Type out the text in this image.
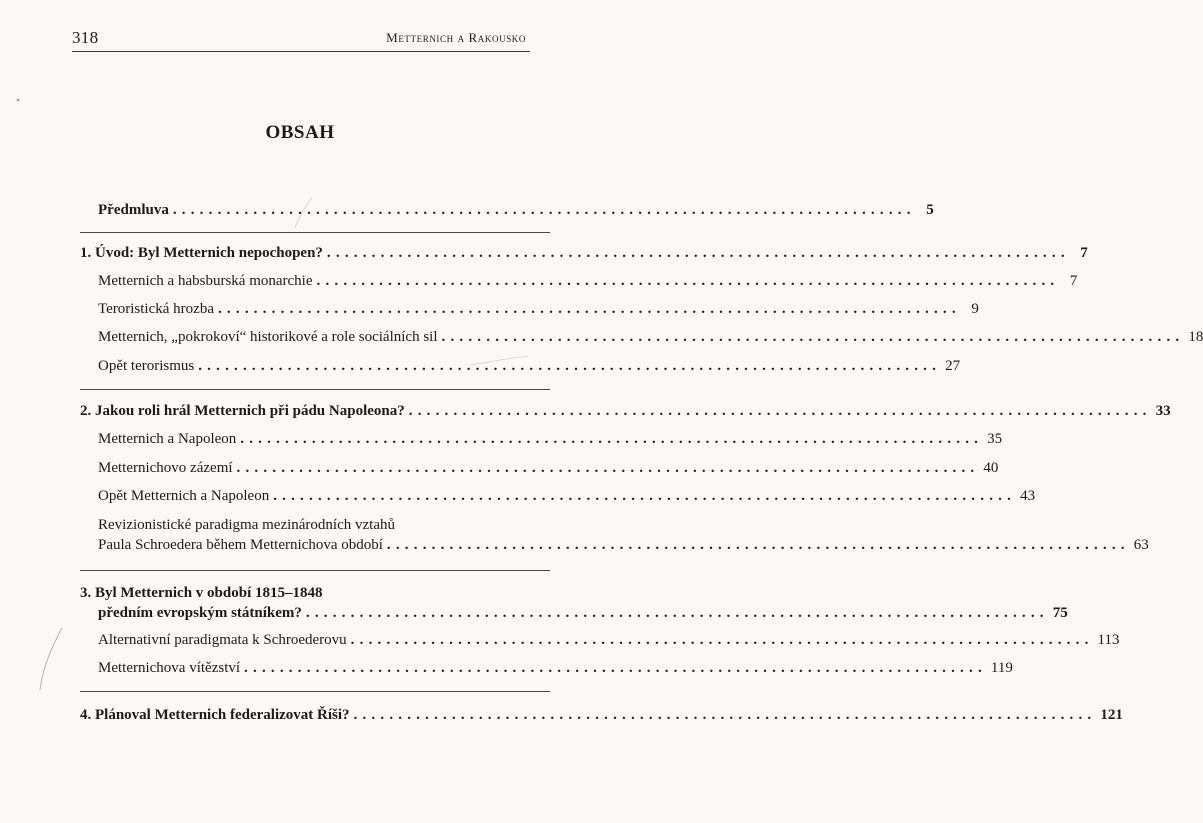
318	Metternich a Rakousko
OBSAH
Předmluva ................................................................................... 5
1. Úvod: Byl Metternich nepochopen? ................................................................................... 7
Metternich a habsburská monarchie ................................................................................... 7
Teroristická hrozba ................................................................................... 9
Metternich, „pokrokoví“ historikové a role sociálních sil ................................................................................... 18
Opět terorismus ................................................................................... 27
2. Jakou roli hrál Metternich při pádu Napoleona? ................................................................................... 33
Metternich a Napoleon ................................................................................... 35
Metternichovo zázemí ................................................................................... 40
Opět Metternich a Napoleon ................................................................................... 43
Revizionistické paradigma mezinárodních vztahů
Paula Schroedera během Metternichova období ................................................................................... 63
3. Byl Metternich v období 1815–1848
předním evropským státníkem? ................................................................................... 75
Alternativní paradigmata k Schroederovu ................................................................................... 113
Metternichova vítězství ................................................................................... 119
4. Plánoval Metternich federalizovat Říši? ................................................................................... 121
